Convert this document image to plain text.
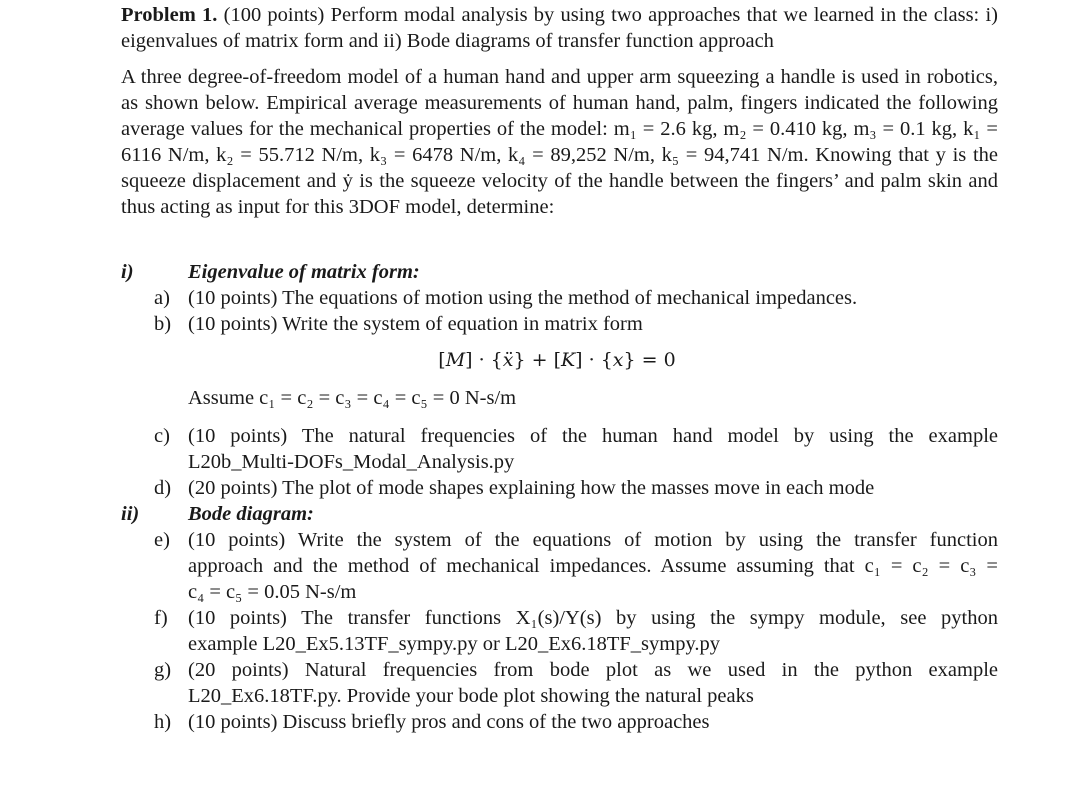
Problem 1. (100 points) Perform modal analysis by using two approaches that we learned in the class: i) eigenvalues of matrix form and ii) Bode diagrams of transfer function approach

A three degree-of-freedom model of a human hand and upper arm squeezing a handle is used in robotics, as shown below. Empirical average measurements of human hand, palm, fingers indicated the following average values for the mechanical properties of the model: m₁ = 2.6 kg, m₂ = 0.410 kg, m₃ = 0.1 kg, k₁ = 6116 N/m, k₂ = 55.712 N/m, k₃ = 6478 N/m, k₄ = 89,252 N/m, k₅ = 94,741 N/m. Knowing that y is the squeeze displacement and ẏ is the squeeze velocity of the handle between the fingers’ and palm skin and thus acting as input for this 3DOF model, determine:

i)	Eigenvalue of matrix form:
a) (10 points) The equations of motion using the method of mechanical impedances.
b) (10 points) Write the system of equation in matrix form
[𝑀] · {𝑥̈} + [𝐾] · {𝑥} = 0
Assume c₁ = c₂ = c₃ = c₄ = c₅ = 0 N-s/m
c) (10 points) The natural frequencies of the human hand model by using the example
L20b_Multi-DOFs_Modal_Analysis.py
d) (20 points) The plot of mode shapes explaining how the masses move in each mode
ii) Bode diagram:
e) (10 points) Write the system of the equations of motion by using the transfer function
approach and the method of mechanical impedances. Assume assuming that c₁ = c₂ = c₃ =
c₄ = c₅ = 0.05 N-s/m
f) (10 points) The transfer functions X₁(s)/Y(s) by using the sympy module, see python
example L20_Ex5.13TF_sympy.py or L20_Ex6.18TF_sympy.py
g) (20 points) Natural frequencies from bode plot as we used in the python example
L20_Ex6.18TF.py. Provide your bode plot showing the natural peaks
h) (10 points) Discuss briefly pros and cons of the two approaches
